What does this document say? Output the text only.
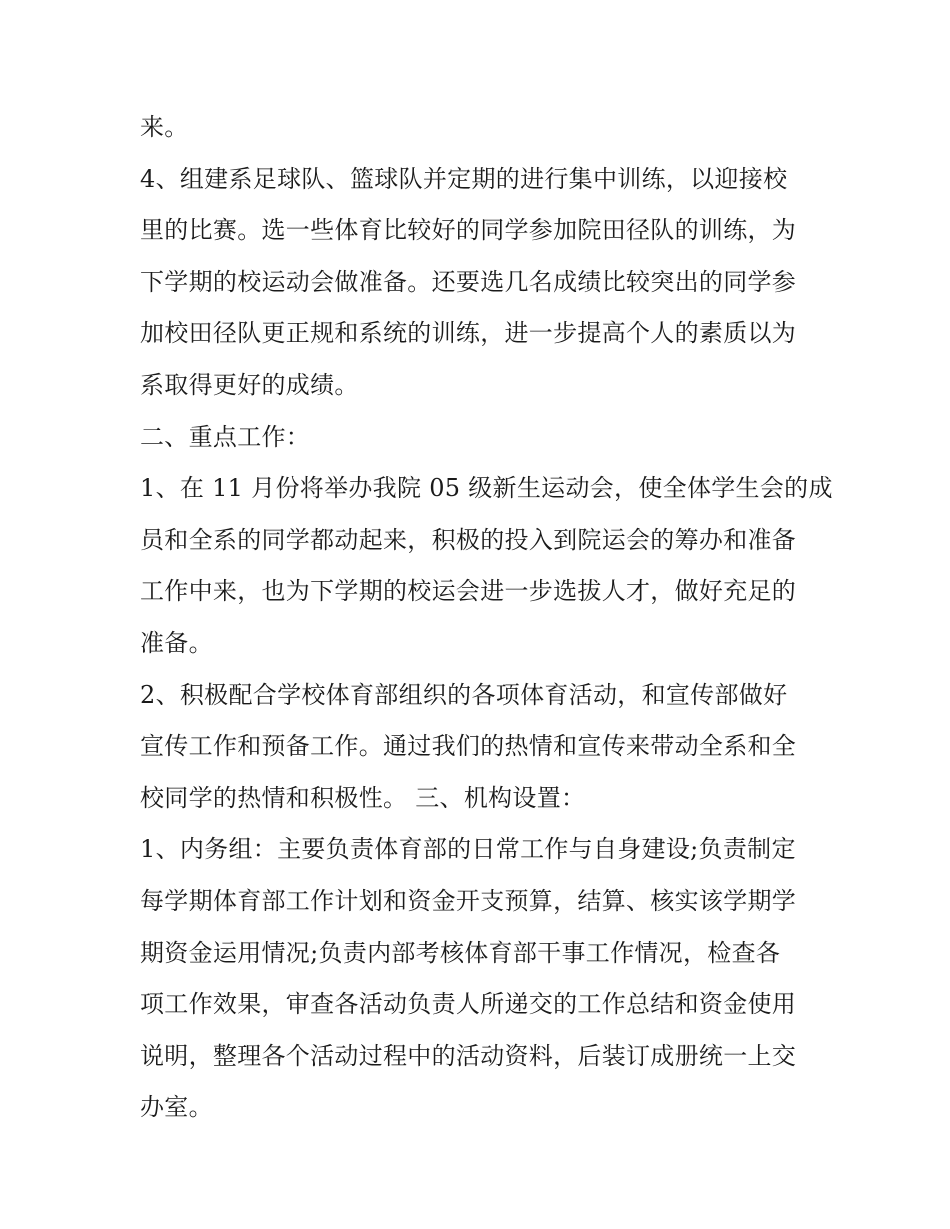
来。
4、组建系足球队、篮球队并定期的进行集中训练，以迎接校
里的比赛。选一些体育比较好的同学参加院田径队的训练，为
下学期的校运动会做准备。还要选几名成绩比较突出的同学参
加校田径队更正规和系统的训练，进一步提高个人的素质以为
系取得更好的成绩。
二、重点工作：
1、在 11 月份将举办我院 05 级新生运动会，使全体学生会的成
员和全系的同学都动起来，积极的投入到院运会的筹办和准备
工作中来，也为下学期的校运会进一步选拔人才，做好充足的
准备。
2、积极配合学校体育部组织的各项体育活动，和宣传部做好
宣传工作和预备工作。通过我们的热情和宣传来带动全系和全
校同学的热情和积极性。 三、机构设置：
1、内务组：主要负责体育部的日常工作与自身建设;负责制定
每学期体育部工作计划和资金开支预算，结算、核实该学期学
期资金运用情况;负责内部考核体育部干事工作情况，检查各
项工作效果，审查各活动负责人所递交的工作总结和资金使用
说明，整理各个活动过程中的活动资料，后装订成册统一上交
办室。
